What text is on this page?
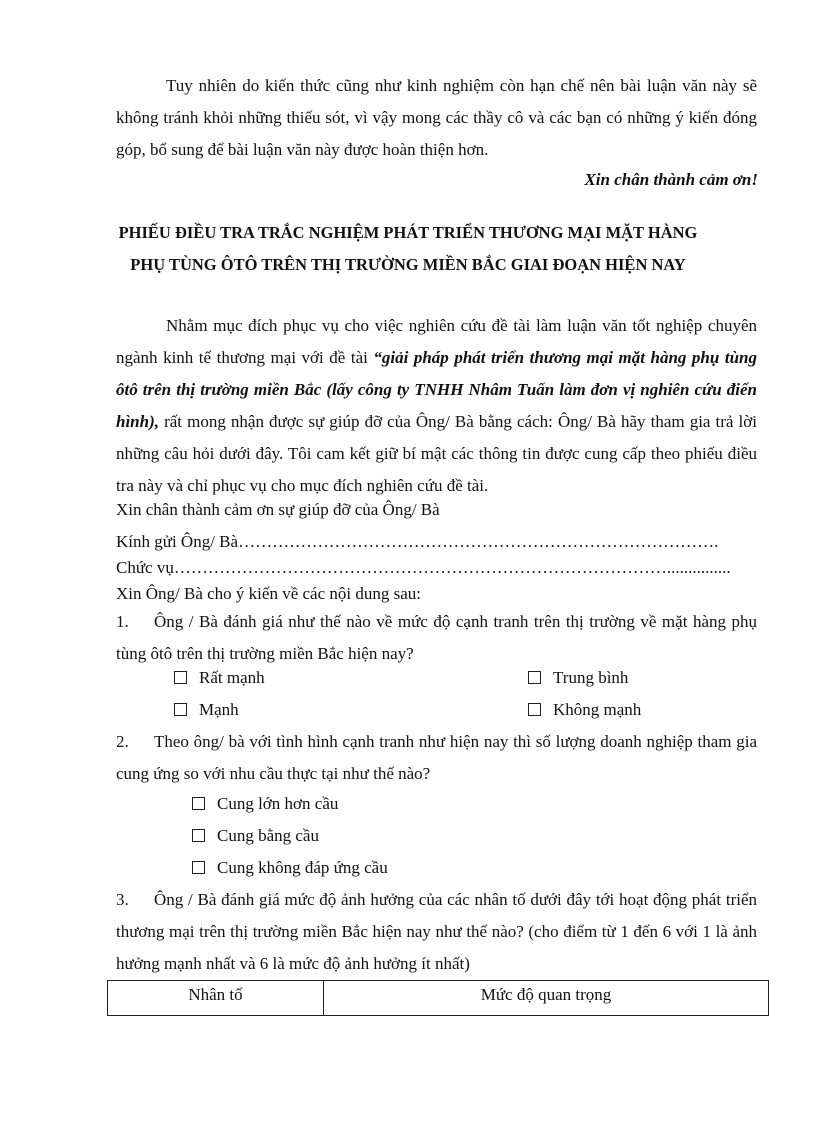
Tuy nhiên do kiến thức cũng như kinh nghiệm còn hạn chế nên bài luận văn này sẽ không tránh khỏi những thiếu sót, vì vậy mong các thầy cô và các bạn có những ý kiến đóng góp, bổ sung để bài luận văn này được hoàn thiện hơn.

Xin chân thành cảm ơn!

PHIẾU ĐIỀU TRA TRẮC NGHIỆM PHÁT TRIỂN THƯƠNG MẠI MẶT HÀNG
PHỤ TÙNG ÔTÔ TRÊN THỊ TRƯỜNG MIỀN BẮC GIAI ĐOẠN HIỆN NAY

Nhằm mục đích phục vụ cho việc nghiên cứu đề tài làm luận văn tốt nghiệp chuyên ngành kinh tế thương mại với đề tài “giải pháp phát triển thương mại mặt hàng phụ tùng ôtô trên thị trường miền Bắc (lấy công ty TNHH Nhâm Tuấn làm đơn vị nghiên cứu điển hình), rất mong nhận được sự giúp đỡ của Ông/ Bà bằng cách: Ông/ Bà hãy tham gia trả lời những câu hỏi dưới đây. Tôi cam kết giữ bí mật các thông tin được cung cấp theo phiếu điều tra này và chỉ phục vụ cho mục đích nghiên cứu đề tài.

Xin chân thành cảm ơn sự giúp đỡ của Ông/ Bà

Kính gửi Ông/ Bà………………………………………………………………………….

Chức vụ……………………………………………………………………………...............

Xin Ông/ Bà cho ý kiến về các nội dung sau:

1. Ông / Bà đánh giá như thế nào về mức độ cạnh tranh trên thị trường về mặt hàng phụ tùng ôtô trên thị trường miền Bắc hiện nay?

Rất mạnh	Trung bình
Mạnh	Không mạnh

2. Theo ông/ bà với tình hình cạnh tranh như hiện nay thì số lượng doanh nghiệp tham gia cung ứng so với nhu cầu thực tại như thế nào?

Cung lớn hơn cầu
Cung bằng cầu
Cung không đáp ứng cầu

3. Ông / Bà đánh giá mức độ ảnh hưởng của các nhân tố dưới đây tới hoạt động phát triển thương mại trên thị trường miền Bắc hiện nay như thế nào? (cho điểm từ 1 đến 6 với 1 là ảnh hưởng mạnh nhất và 6 là mức độ ảnh hưởng ít nhất)

Nhân tố	Mức độ quan trọng
